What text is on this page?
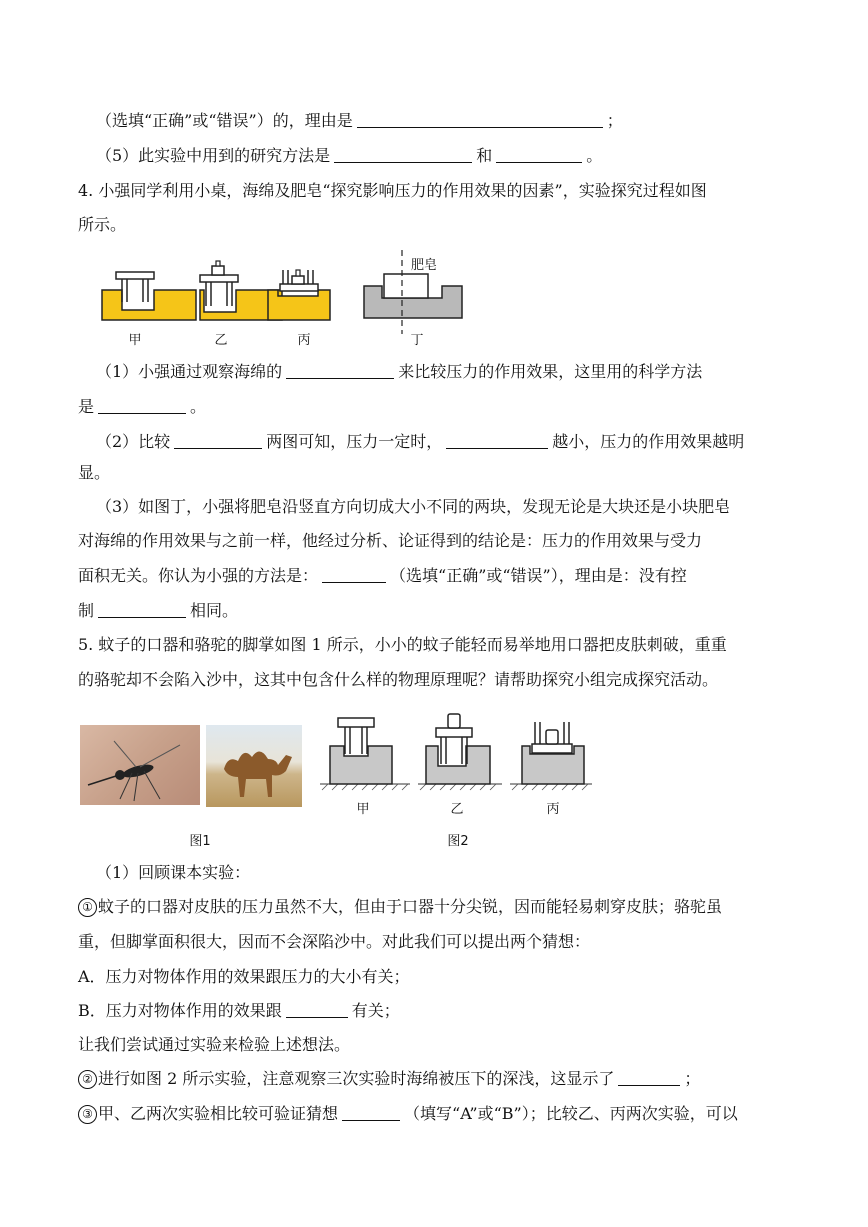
（选填“正确”或“错误”）的，理由是	；
（5）此实验中用到的研究方法是	和	。
4. 小强同学利用小桌，海绵及肥皂“探究影响压力的作用效果的因素”，实验探究过程如图
所示。
甲	乙	丙	丁
肥皂
（1）小强通过观察海绵的	来比较压力的作用效果，这里用的科学方法
是	。
（2）比较	两图可知，压力一定时，	越小，压力的作用效果越明
显。
（3）如图丁，小强将肥皂沿竖直方向切成大小不同的两块，发现无论是大块还是小块肥皂
对海绵的作用效果与之前一样，他经过分析、论证得到的结论是：压力的作用效果与受力
面积无关。你认为小强的方法是：	（选填“正确”或“错误”），理由是：没有控
制	相同。
5. 蚊子的口器和骆驼的脚掌如图 1 所示，小小的蚊子能轻而易举地用口器把皮肤刺破，重重
的骆驼却不会陷入沙中，这其中包含什么样的物理原理呢？请帮助探究小组完成探究活动。
甲	乙	丙
图1	图2
（1）回顾课本实验：
① 蚊子的口器对皮肤的压力虽然不大，但由于口器十分尖锐，因而能轻易刺穿皮肤；骆驼虽
重，但脚掌面积很大，因而不会深陷沙中。对此我们可以提出两个猜想：
A．压力对物体作用的效果跟压力的大小有关；
B．压力对物体作用的效果跟	有关；
让我们尝试通过实验来检验上述想法。
② 进行如图 2 所示实验，注意观察三次实验时海绵被压下的深浅，这显示了	；
③ 甲、乙两次实验相比较可验证猜想	（填写“A”或“B”）；比较乙、丙两次实验，可以
